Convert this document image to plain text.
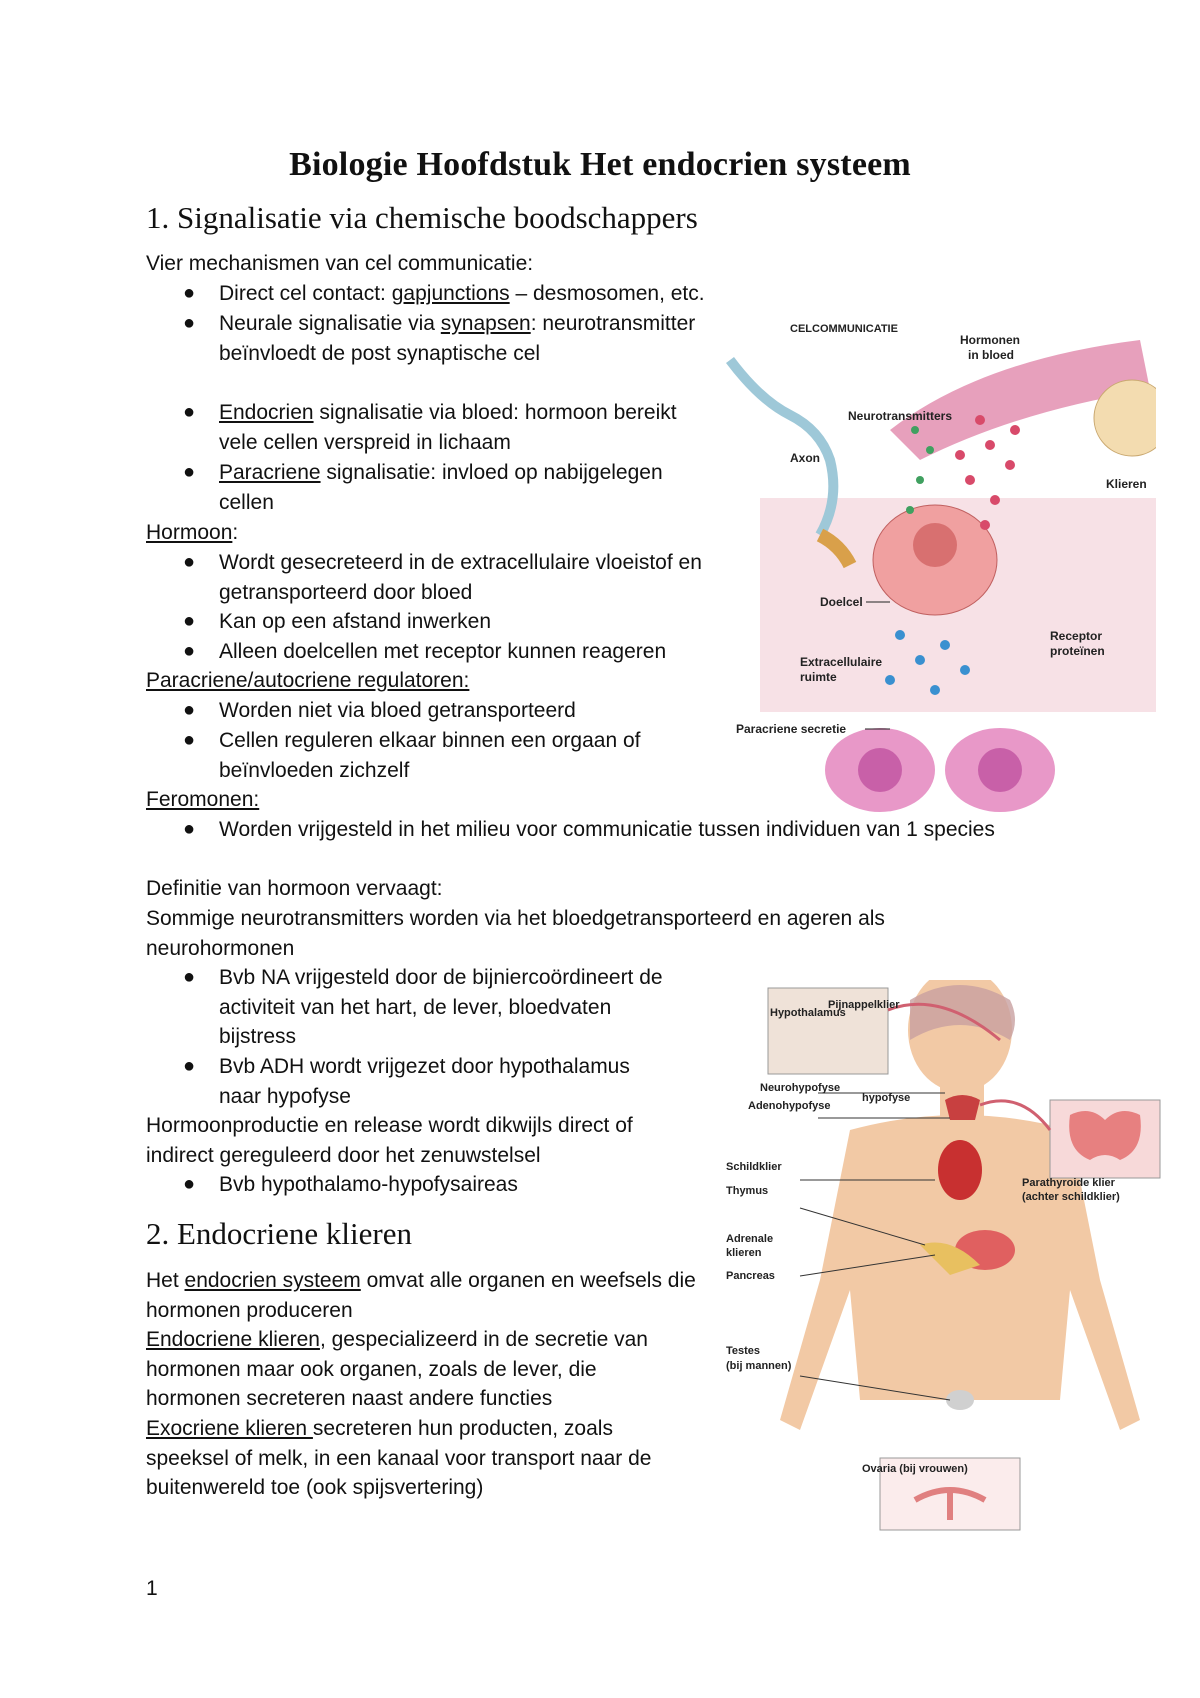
Biologie Hoofdstuk Het endocrien systeem
1. Signalisatie via chemische boodschappers
Vier mechanismen van cel communicatie:
● Direct cel contact: gapjunctions – desmosomen, etc.
● Neurale signalisatie via synapsen: neurotransmitter beïnvloedt de post synaptische cel
● Endocrien signalisatie via bloed: hormoon bereikt vele cellen verspreid in lichaam
● Paracriene signalisatie: invloed op nabijgelegen cellen
Hormoon:
● Wordt gesecreteerd in de extracellulaire vloeistof en getransporteerd door bloed
● Kan op een afstand inwerken
● Alleen doelcellen met receptor kunnen reageren
Paracriene/autocriene regulatoren:
● Worden niet via bloed getransporteerd
● Cellen reguleren elkaar binnen een orgaan of beïnvloeden zichzelf
Feromonen:
● Worden vrijgesteld in het milieu voor communicatie tussen individuen van 1 species
Definitie van hormoon vervaagt:
Sommige neurotransmitters worden via het bloedgetransporteerd en ageren als neurohormonen
● Bvb NA vrijgesteld door de bijniercoördineert de activiteit van het hart, de lever, bloedvaten bijstress
● Bvb ADH wordt vrijgezet door hypothalamus naar hypofyse
Hormoonproductie en release wordt dikwijls direct of indirect gereguleerd door het zenuwstelsel
● Bvb hypothalamo-hypofysaireas
2. Endocriene klieren
Het endocrien systeem omvat alle organen en weefsels die hormonen produceren
Endocriene klieren, gespecializeerd in de secretie van hormonen maar ook organen, zoals de lever, die hormonen secreteren naast andere functies
Exocriene klieren secreteren hun producten, zoals speeksel of melk, in een kanaal voor transport naar de buitenwereld toe (ook spijsvertering)
1
CELCOMMUNICATIE
Hormonen
in bloed
Neurotransmitters
Axon
Klieren
Doelcel
Receptor
proteïnen
Extracellulaire
ruimte
Paracriene secretie
Hypothalamus
Pijnappelklier
Neurohypofyse
Adenohypofyse
hypofyse
Schildklier
Thymus
Parathyroide klier
(achter schildklier)
Adrenale
klieren
Pancreas
Testes
(bij mannen)
Ovaria (bij vrouwen)
